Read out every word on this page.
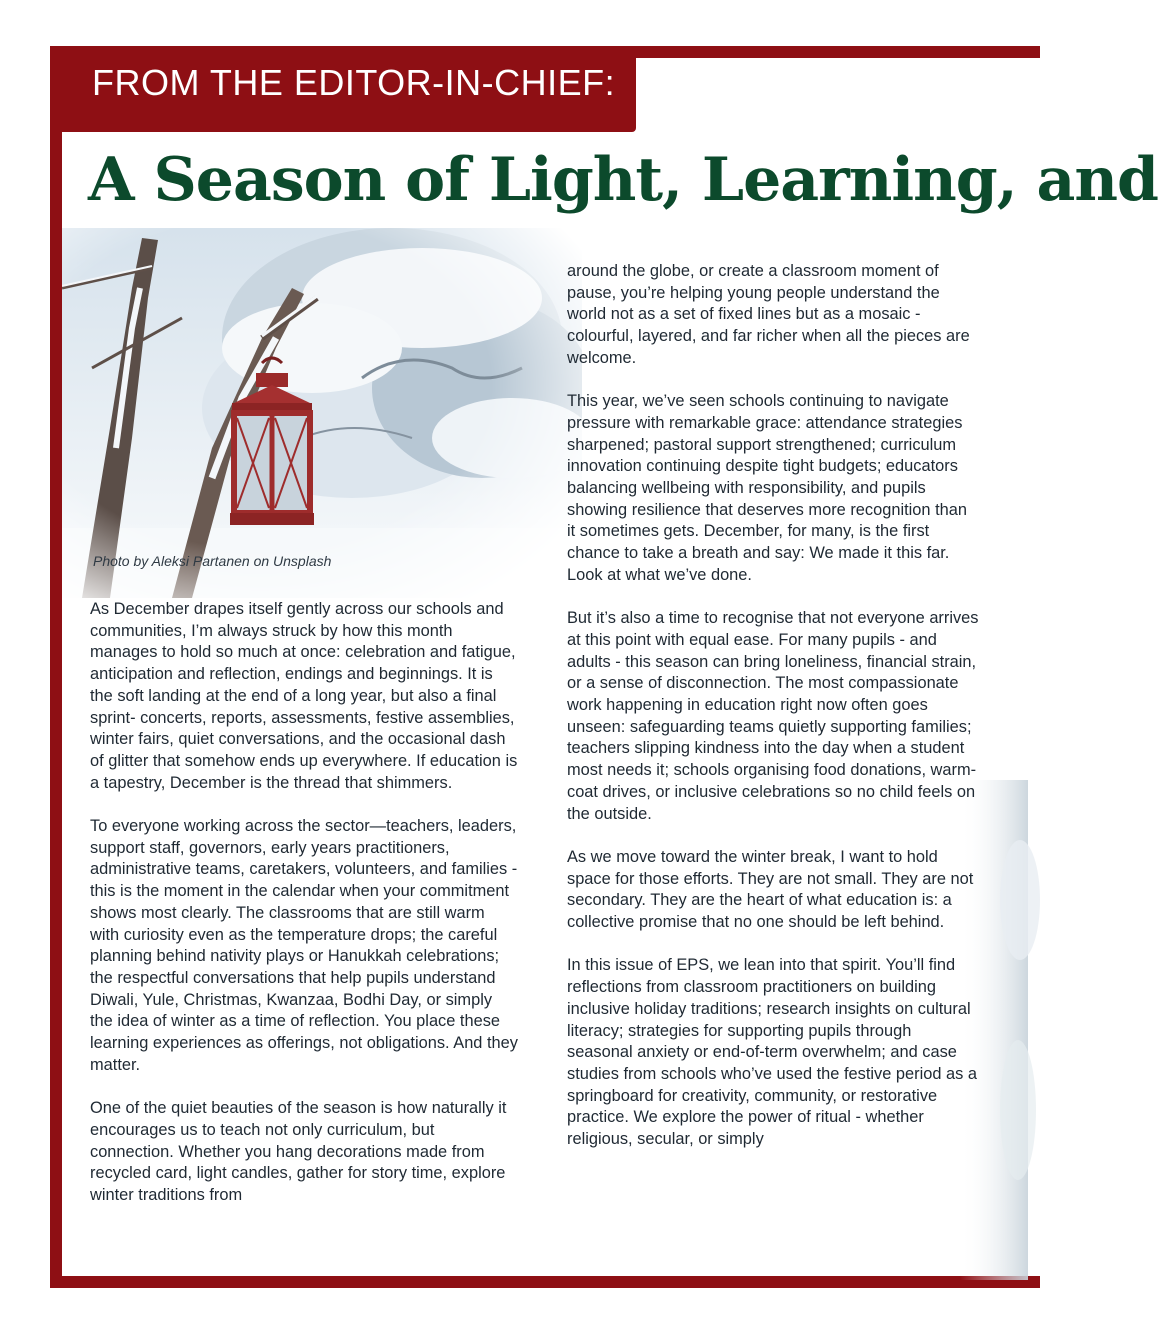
FROM THE EDITOR-IN-CHIEF:
A Season of Light, Learning, and

Photo by Aleksi Partanen on Unsplash

As December drapes itself gently across our schools and communities, I’m always struck by how this month manages to hold so much at once: celebration and fatigue, anticipation and reflection, endings and beginnings. It is the soft landing at the end of a long year, but also a final sprint- concerts, reports, assessments, festive assemblies, winter fairs, quiet conversations, and the occasional dash of glitter that somehow ends up everywhere. If education is a tapestry, December is the thread that shimmers.

To everyone working across the sector—teachers, leaders, support staff, governors, early years practitioners, administrative teams, caretakers, volunteers, and families - this is the moment in the calendar when your commitment shows most clearly. The classrooms that are still warm with curiosity even as the temperature drops; the careful planning behind nativity plays or Hanukkah celebrations; the respectful conversations that help pupils understand Diwali, Yule, Christmas, Kwanzaa, Bodhi Day, or simply the idea of winter as a time of reflection. You place these learning experiences as offerings, not obligations. And they matter.

One of the quiet beauties of the season is how naturally it encourages us to teach not only curriculum, but connection. Whether you hang decorations made from recycled card, light candles, gather for story time, explore winter traditions from

around the globe, or create a classroom moment of pause, you’re helping young people understand the world not as a set of fixed lines but as a mosaic - colourful, layered, and far richer when all the pieces are welcome.

This year, we’ve seen schools continuing to navigate pressure with remarkable grace: attendance strategies sharpened; pastoral support strengthened; curriculum innovation continuing despite tight budgets; educators balancing wellbeing with responsibility, and pupils showing resilience that deserves more recognition than it sometimes gets. December, for many, is the first chance to take a breath and say: We made it this far. Look at what we’ve done.

But it’s also a time to recognise that not everyone arrives at this point with equal ease. For many pupils - and adults - this season can bring loneliness, financial strain, or a sense of disconnection. The most compassionate work happening in education right now often goes unseen: safeguarding teams quietly supporting families; teachers slipping kindness into the day when a student most needs it; schools organising food donations, warm-coat drives, or inclusive celebrations so no child feels on the outside.

As we move toward the winter break, I want to hold space for those efforts. They are not small. They are not secondary. They are the heart of what education is: a collective promise that no one should be left behind.

In this issue of EPS, we lean into that spirit. You’ll find reflections from classroom practitioners on building inclusive holiday traditions; research insights on cultural literacy; strategies for supporting pupils through seasonal anxiety or end-of-term overwhelm; and case studies from schools who’ve used the festive period as a springboard for creativity, community, or restorative practice. We explore the power of ritual - whether religious, secular, or simply
